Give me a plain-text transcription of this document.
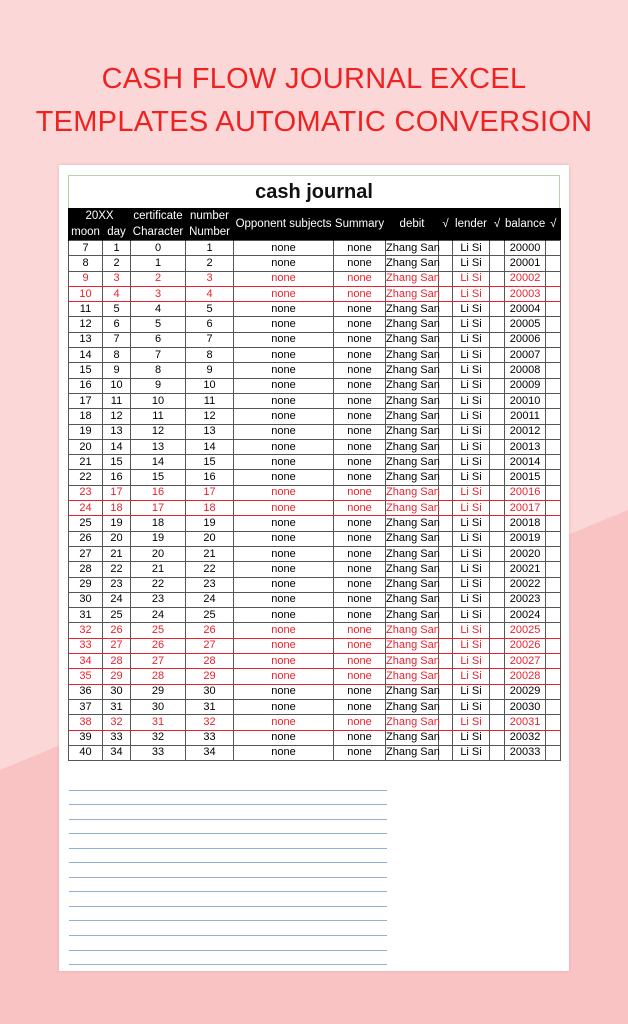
CASH FLOW JOURNAL EXCEL
TEMPLATES AUTOMATIC CONVERSION
cash journal
20XX		certificate	number	Opponent subjects	Summary	debit	√	lender	√	balance	√
moon	day	Character	Number								
7	1	0	1	none	none	Zhang San		Li Si		20000	
8	2	1	2	none	none	Zhang San		Li Si		20001	
9	3	2	3	none	none	Zhang San		Li Si		20002	
10	4	3	4	none	none	Zhang San		Li Si		20003	
11	5	4	5	none	none	Zhang San		Li Si		20004	
12	6	5	6	none	none	Zhang San		Li Si		20005	
13	7	6	7	none	none	Zhang San		Li Si		20006	
14	8	7	8	none	none	Zhang San		Li Si		20007	
15	9	8	9	none	none	Zhang San		Li Si		20008	
16	10	9	10	none	none	Zhang San		Li Si		20009	
17	11	10	11	none	none	Zhang San		Li Si		20010	
18	12	11	12	none	none	Zhang San		Li Si		20011	
19	13	12	13	none	none	Zhang San		Li Si		20012	
20	14	13	14	none	none	Zhang San		Li Si		20013	
21	15	14	15	none	none	Zhang San		Li Si		20014	
22	16	15	16	none	none	Zhang San		Li Si		20015	
23	17	16	17	none	none	Zhang San		Li Si		20016	
24	18	17	18	none	none	Zhang San		Li Si		20017	
25	19	18	19	none	none	Zhang San		Li Si		20018	
26	20	19	20	none	none	Zhang San		Li Si		20019	
27	21	20	21	none	none	Zhang San		Li Si		20020	
28	22	21	22	none	none	Zhang San		Li Si		20021	
29	23	22	23	none	none	Zhang San		Li Si		20022	
30	24	23	24	none	none	Zhang San		Li Si		20023	
31	25	24	25	none	none	Zhang San		Li Si		20024	
32	26	25	26	none	none	Zhang San		Li Si		20025	
33	27	26	27	none	none	Zhang San		Li Si		20026	
34	28	27	28	none	none	Zhang San		Li Si		20027	
35	29	28	29	none	none	Zhang San		Li Si		20028	
36	30	29	30	none	none	Zhang San		Li Si		20029	
37	31	30	31	none	none	Zhang San		Li Si		20030	
38	32	31	32	none	none	Zhang San		Li Si		20031	
39	33	32	33	none	none	Zhang San		Li Si		20032	
40	34	33	34	none	none	Zhang San		Li Si		20033	
